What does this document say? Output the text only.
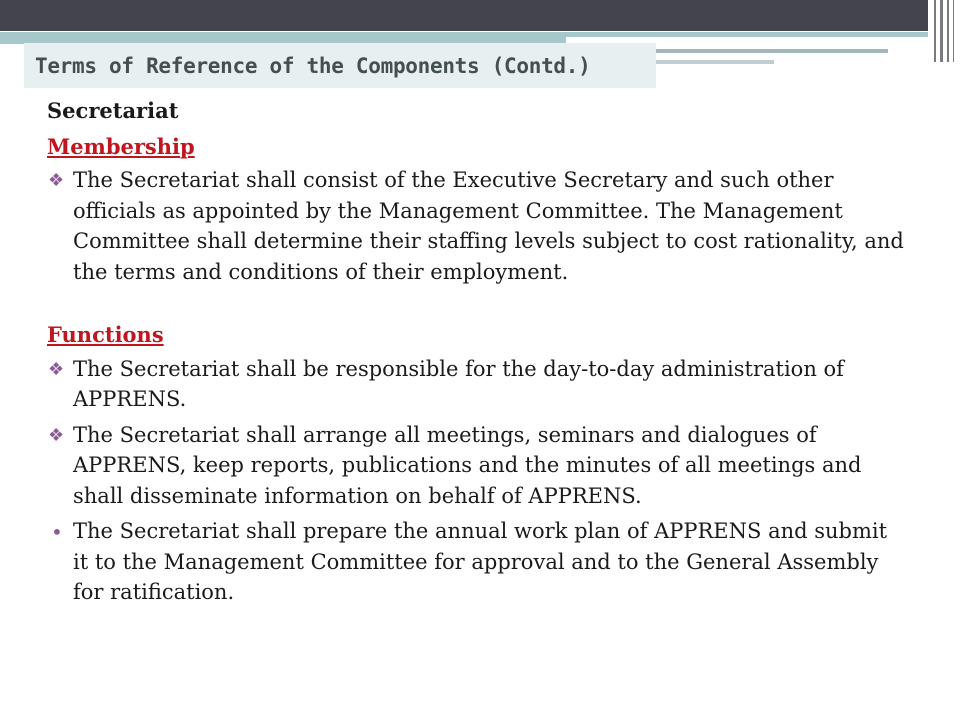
Terms of Reference of the Components (Contd.)
Secretariat
Membership
❖ The Secretariat shall consist of the Executive Secretary and such other officials as appointed by the Management Committee. The Management Committee shall determine their staffing levels subject to cost rationality, and the terms and conditions of their employment.
Functions
❖ The Secretariat shall be responsible for the day-to-day administration of APPRENS.
❖ The Secretariat shall arrange all meetings, seminars and dialogues of APPRENS, keep reports, publications and the minutes of all meetings and shall disseminate information on behalf of APPRENS.
• The Secretariat shall prepare the annual work plan of APPRENS and submit it to the Management Committee for approval and to the General Assembly for ratification.
